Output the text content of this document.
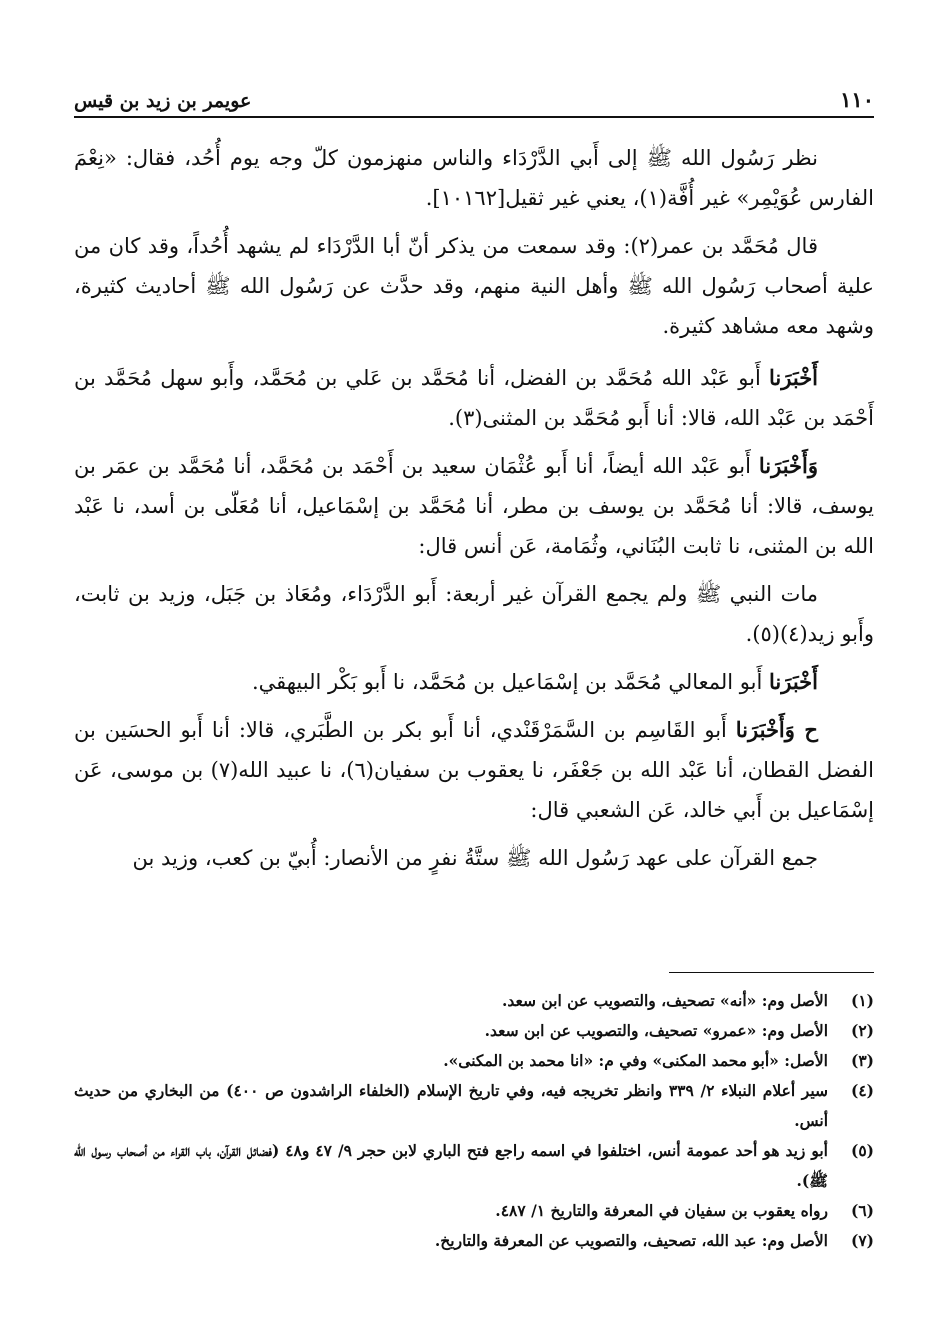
١١٠
عويمر بن زيد بن قيس

نظر رَسُول الله ﷺ إلى أَبي الدَّرْدَاء والناس منهزمون كلّ وجه يوم أُحُد، فقال: «نِعْمَ الفارس عُوَيْمِر» غير أُفَّة(١)، يعني غير ثقيل[١٠١٦٢].

قال مُحَمَّد بن عمر(٢): وقد سمعت من يذكر أنّ أبا الدَّرْدَاء لم يشهد أُحُداً، وقد كان من علية أصحاب رَسُول الله ﷺ وأهل النية منهم، وقد حدَّث عن رَسُول الله ﷺ أحاديث كثيرة، وشهد معه مشاهد كثيرة.

أَخْبَرَنا أَبو عَبْد الله مُحَمَّد بن الفضل، أنا مُحَمَّد بن عَلي بن مُحَمَّد، وأَبو سهل مُحَمَّد بن أَحْمَد بن عَبْد الله، قالا: أنا أَبو مُحَمَّد بن المثنى(٣).

وَأَخْبَرَنا أَبو عَبْد الله أيضاً، أنا أَبو عُثْمَان سعيد بن أَحْمَد بن مُحَمَّد، أنا مُحَمَّد بن عمَر بن يوسف، قالا: أنا مُحَمَّد بن يوسف بن مطر، أنا مُحَمَّد بن إسْمَاعيل، أنا مُعَلّى بن أسد، نا عَبْد الله بن المثنى، نا ثابت البُنَاني، وثُمَامة، عَن أنس قال:

مات النبي ﷺ ولم يجمع القرآن غير أربعة: أَبو الدَّرْدَاء، ومُعَاذ بن جَبَل، وزيد بن ثابت، وأَبو زيد(٤)(٥).

أَخْبَرَنا أَبو المعالي مُحَمَّد بن إسْمَاعيل بن مُحَمَّد، نا أَبو بَكْر البيهقي.

ح وَأَخْبَرَنا أَبو القَاسِم بن السَّمَرْقَنْدي، أنا أَبو بكر بن الطَّبَري، قالا: أنا أَبو الحسَين بن الفضل القطان، أنا عَبْد الله بن جَعْفَر، نا يعقوب بن سفيان(٦)، نا عبيد الله(٧) بن موسى، عَن إسْمَاعيل بن أَبي خالد، عَن الشعبي قال:

جمع القرآن على عهد رَسُول الله ﷺ ستَّةُ نفرٍ من الأنصار: أُبيّ بن كعب، وزيد بن

(١)
الأصل وم: «أنه» تصحيف، والتصويب عن ابن سعد.
(٢)
الأصل وم: «عمرو» تصحيف، والتصويب عن ابن سعد.
(٣)
الأصل: «أبو محمد المكنى» وفي م: «انا محمد بن المكنى».
(٤)
سير أعلام النبلاء ٢/ ٣٣٩ وانظر تخريجه فيه، وفي تاريخ الإسلام (الخلفاء الراشدون ص ٤٠٠) من البخاري من حديث أنس.
(٥)
أبو زيد هو أحد عمومة أنس، اختلفوا في اسمه راجع فتح الباري لابن حجر ٩/ ٤٧ و٤٨ (فضائل القرآن، باب القراء من أصحاب رسول الله ﷺ).
(٦)
رواه يعقوب بن سفيان في المعرفة والتاريخ ١/ ٤٨٧.
(٧)
الأصل وم: عبد الله، تصحيف، والتصويب عن المعرفة والتاريخ.
